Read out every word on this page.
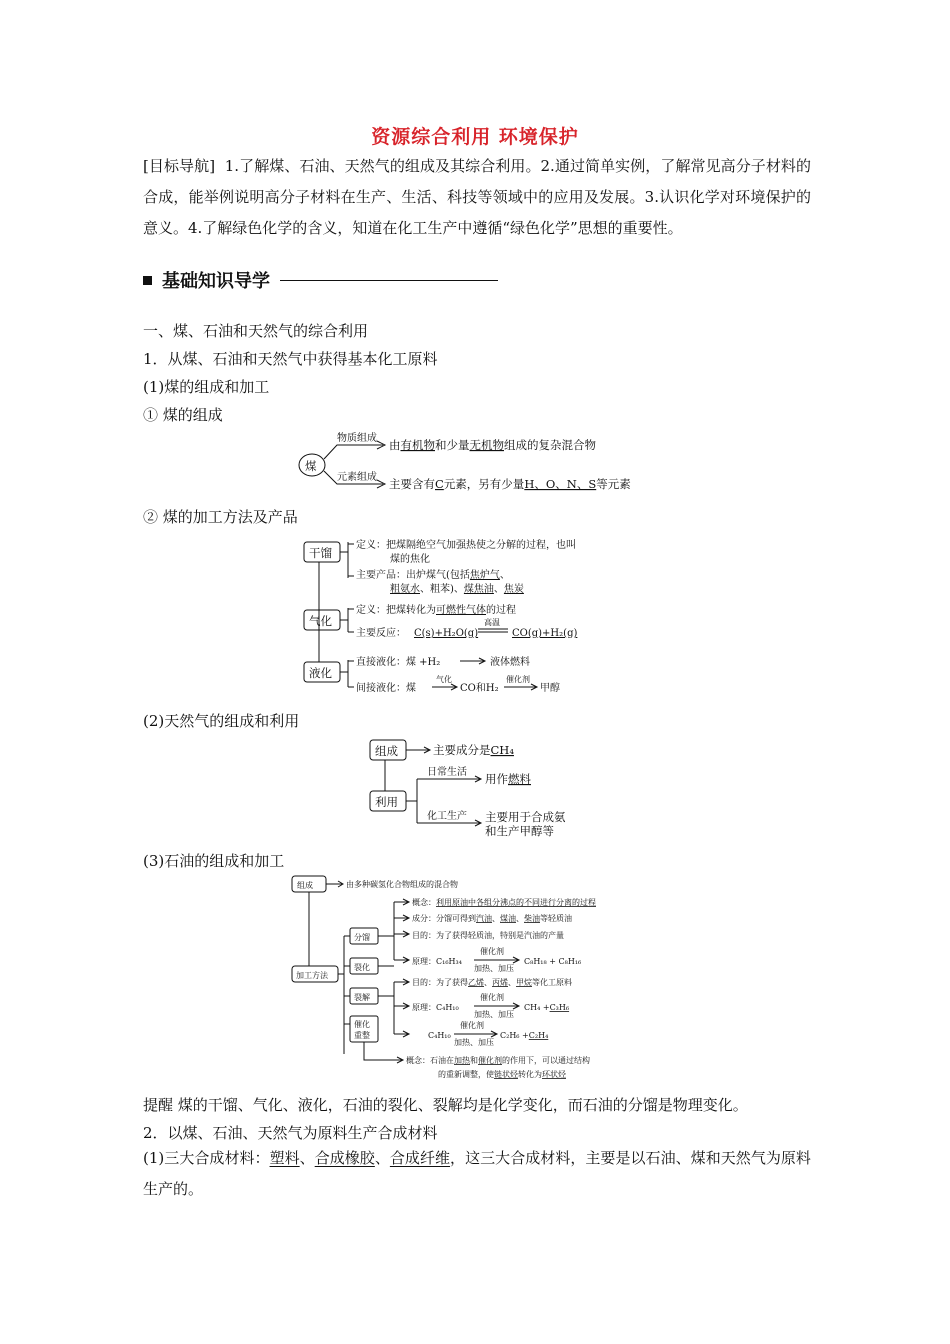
资源综合利用 环境保护
[目标导航] 1.了解煤、石油、天然气的组成及其综合利用。2.通过简单实例，了解常见高分子材料的合成，能举例说明高分子材料在生产、生活、科技等领域中的应用及发展。3.认识化学对环境保护的意义。4.了解绿色化学的含义，知道在化工生产中遵循“绿色化学”思想的重要性。
基础知识导学
一、煤、石油和天然气的综合利用
1．从煤、石油和天然气中获得基本化工原料
(1)煤的组成和加工
① 煤的组成
煤
物质组成
元素组成
由有机物和少量无机物组成的复杂混合物
主要含有C元素，另有少量H、O、N、S等元素
② 煤的加工方法及产品
干馏
定义：把煤隔绝空气加强热使之分解的过程，也叫
煤的焦化
主要产品：出炉煤气(包括焦炉气、
粗氨水、粗苯)、煤焦油、焦炭
气化
定义：把煤转化为可燃性气体的过程
主要反应： C(s)+H₂O(g)
高温
CO(g)+H₂(g)
液化
直接液化：煤 +H₂	液体燃料
间接液化：煤
气化
CO和H₂
催化剂
甲醇
(2)天然气的组成和利用
组成	主要成分是CH₄
利用
日常生活
化工生产
用作燃料
主要用于合成氨
和生产甲醇等
(3)石油的组成和加工
组成	由多种碳氢化合物组成的混合物
加工方法
分馏
概念：利用原油中各组分沸点的不同进行分离的过程
成分：分馏可得到汽油、煤油、柴油等轻质油
裂化
目的：为了获得轻质油，特别是汽油的产量
原理：C₁₆H₃₄
催化剂
加热、加压
C₈H₁₈ + C₈H₁₆
裂解
目的：为了获得乙烯、丙烯、甲烷等化工原料
原理：C₄H₁₀
催化剂
加热、加压
CH₄ +C₃H₆
C₄H₁₀
催化剂
加热、加压
C₂H₆ +C₂H₄
催化
重整
概念：石油在加热和催化剂的作用下，可以通过结构
的重新调整，使链状烃转化为环状烃
提醒 煤的干馏、气化、液化，石油的裂化、裂解均是化学变化，而石油的分馏是物理变化。
2．以煤、石油、天然气为原料生产合成材料
(1)三大合成材料：塑料、合成橡胶、合成纤维，这三大合成材料，主要是以石油、煤和天然气为原料生产的。
